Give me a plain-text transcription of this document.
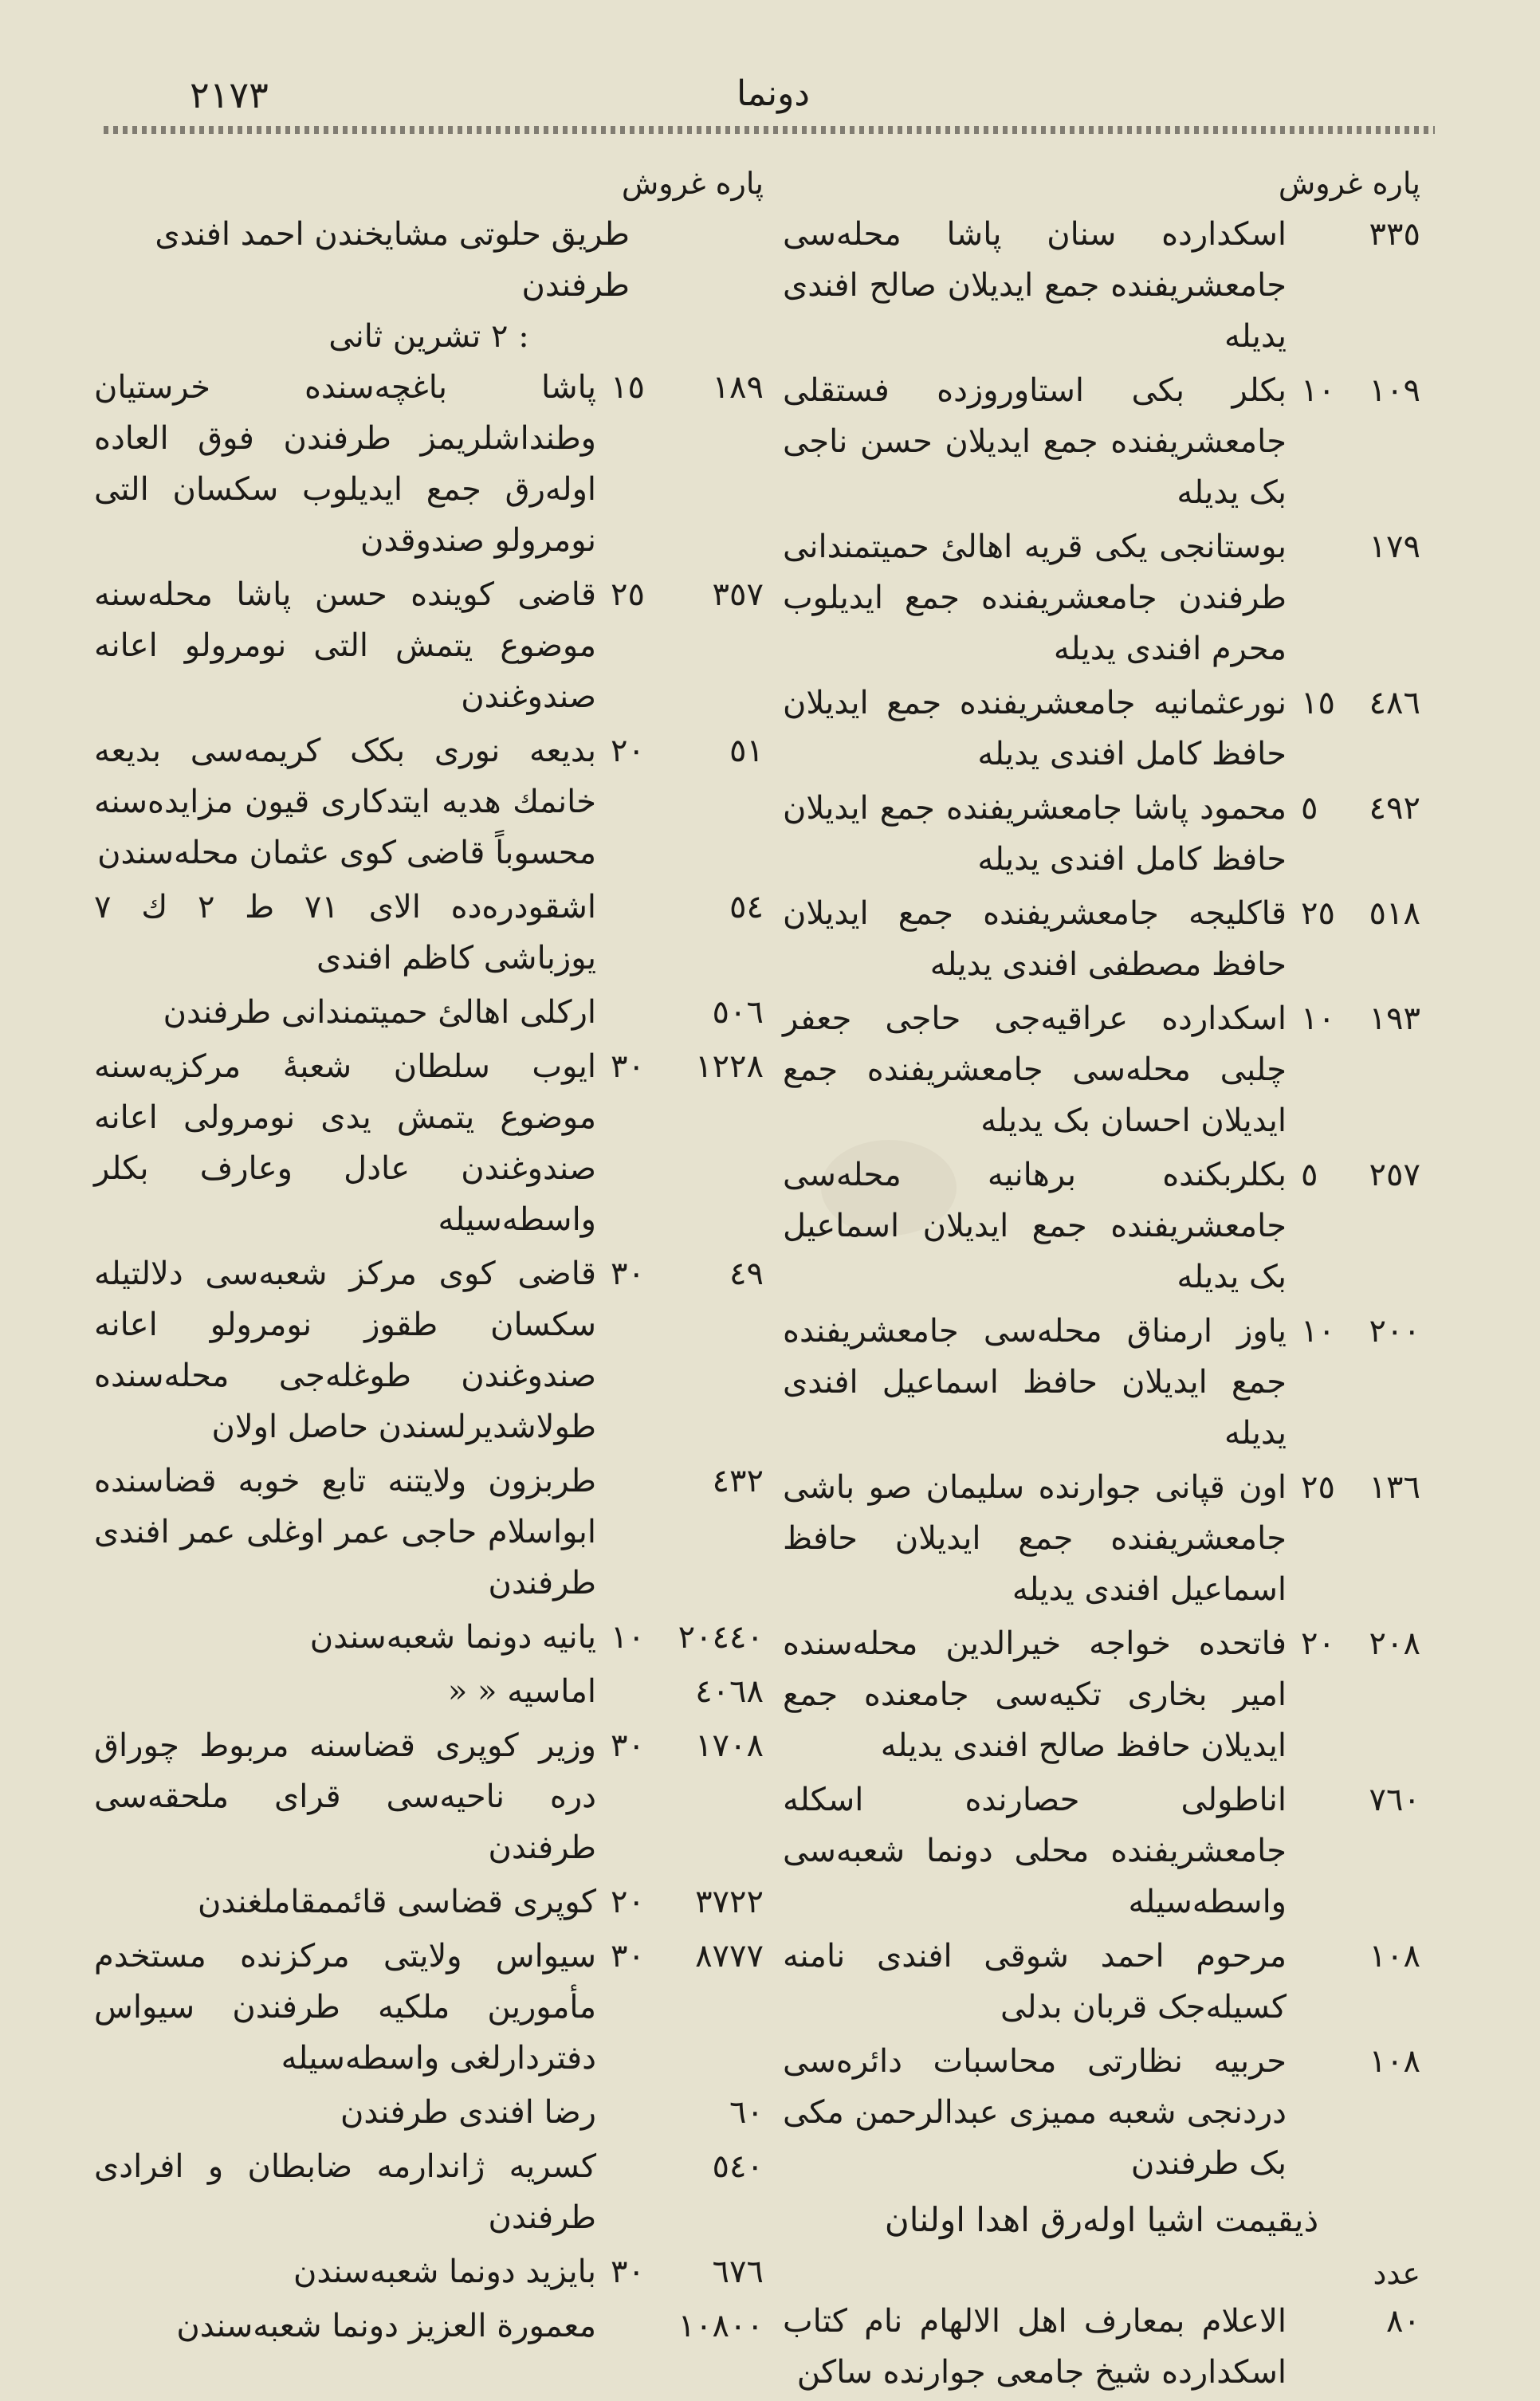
٢١٧٣	دونما
پاره غروش
پاره غروش
٣٣٥
اسکدارده سنان پاشا محله‌سی جامعشریفنده جمع ایدیلان صالح افندی یدیله
١٠٩
١٠
بکلر بکی استاوروزده فستقلی جامعشریفنده جمع ایدیلان حسن ناجی بک یدیله
١٧٩
بوستانجی یکی قریه اهالیٔ حمیتمندانی طرفندن جامعشریفنده جمع ایدیلوب محرم افندی یدیله
٤٨٦
١٥
نورعثمانیه جامعشریفنده جمع ایدیلان حافظ کامل افندی یدیله
٤٩٢
٥
محمود پاشا جامعشریفنده جمع ایدیلان حافظ کامل افندی یدیله
٥١٨
٢٥
قاکلیجه جامعشریفنده جمع ایدیلان حافظ مصطفی افندی یدیله
١٩٣
١٠
اسکدارده عراقیه‌جی حاجی جعفر چلبی محله‌سی جامعشریفنده جمع ایدیلان احسان بک یدیله
٢٥٧
٥
بکلربکنده برهانیه محله‌سی جامعشریفنده جمع ایدیلان اسماعیل بک یدیله
٢٠٠
١٠
یاوز ارمناق محله‌سی جامعشریفنده جمع ایدیلان حافظ اسماعیل افندی یدیله
١٣٦
٢٥
اون قپانی جوارنده سلیمان صو باشی جامعشریفنده جمع ایدیلان حافظ اسماعیل افندی یدیله
٢٠٨
٢٠
فاتحده خواجه خیرالدین محله‌سنده امیر بخاری تکیه‌سی جامعنده جمع ایدیلان حافظ صالح افندی یدیله
٧٦٠
اناطولی حصارنده اسکله جامعشریفنده محلی دونما شعبه‌سی واسطه‌سیله
١٠٨
مرحوم احمد شوقی افندی نامنه کسیله‌جک قربان بدلی
١٠٨
حربیه نظارتی محاسبات دائره‌سی دردنجی شعبه ممیزی عبدالرحمن مکی بک طرفندن
ذیقیمت اشیا اوله‌رق اهدا اولنان
عدد
٨٠
الاعلام بمعارف اهل الالهام نام کتاب اسکدارده شیخ جامعی جوارنده ساکن
طریق حلوتی مشایخندن احمد افندی
طرفندن
: ٢ تشرین ثانی
١٨٩
١٥
پاشا باغچه‌سنده خرستیان وطنداشلریمز طرفندن فوق العاده اوله‌رق جمع ایدیلوب سکسان التی نومرولو صندوقدن
٣٥٧
٢٥
قاضی کوینده حسن پاشا محله‌سنه موضوع یتمش التی نومرولو اعانه صندوغندن
٥١
٢٠
بدیعه نوری بکک کریمه‌سی بدیعه خانمك هدیه ایتدکاری قیون مزایده‌سنه محسوباً قاضی کوی عثمان محله‌سندن
٥٤
اشقودره‌ده الای ٧١ ط ٢ ك ٧ یوزباشی کاظم افندی
٥٠٦
ارکلی اهالیٔ حمیتمندانی طرفندن
١٢٢٨
٣٠
ایوب سلطان شعبهٔ مرکزیه‌سنه موضوع یتمش یدی نومرولی اعانه صندوغندن عادل وعارف بکلر واسطه‌سیله
٤٩
٣٠
قاضی کوی مرکز شعبه‌سی دلالتیله سکسان طقوز نومرولو اعانه صندوغندن طوغله‌جی محله‌سنده طولاشدیرلسندن حاصل اولان
٤٣٢
طربزون ولایتنه تابع خوبه قضاسنده ابواسلام حاجی عمر اوغلی عمر افندی طرفندن
٢٠٤٤٠
١٠
یانیه دونما شعبه‌سندن
٤٠٦٨
اماسیه « «
١٧٠٨
٣٠
وزیر کوپری قضاسنه مربوط چوراق دره ناحیه‌سی قرای ملحقه‌سی طرفندن
٣٧٢٢
٢٠
کوپری قضاسی قائممقاملغندن
٨٧٧٧
٣٠
سیواس ولایتی مرکزنده مستخدم مأمورین ملکیه طرفندن سیواس دفتردارلغی واسطه‌سیله
٦٠
رضا افندی طرفندن
٥٤٠
کسریه ژاندارمه ضابطان و افرادی طرفندن
٦٧٦
٣٠
بایزید دونما شعبه‌سندن
١٠٨٠٠
معمورة العزیز دونما شعبه‌سندن
